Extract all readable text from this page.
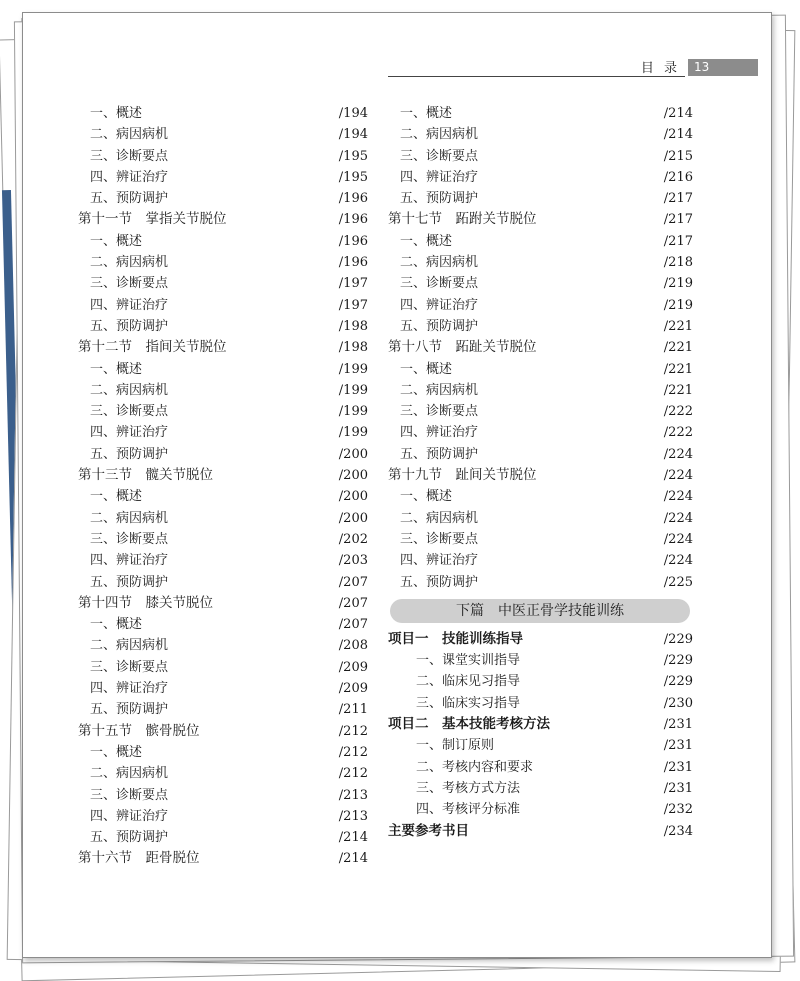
目 录	13
一、概述	/194
二、病因病机	/194
三、诊断要点	/195
四、辨证治疗	/195
五、预防调护	/196
第十一节　掌指关节脱位	/196
一、概述	/196
二、病因病机	/196
三、诊断要点	/197
四、辨证治疗	/197
五、预防调护	/198
第十二节　指间关节脱位	/198
一、概述	/199
二、病因病机	/199
三、诊断要点	/199
四、辨证治疗	/199
五、预防调护	/200
第十三节　髋关节脱位	/200
一、概述	/200
二、病因病机	/200
三、诊断要点	/202
四、辨证治疗	/203
五、预防调护	/207
第十四节　膝关节脱位	/207
一、概述	/207
二、病因病机	/208
三、诊断要点	/209
四、辨证治疗	/209
五、预防调护	/211
第十五节　髌骨脱位	/212
一、概述	/212
二、病因病机	/212
三、诊断要点	/213
四、辨证治疗	/213
五、预防调护	/214
第十六节　距骨脱位	/214
一、概述	/214
二、病因病机	/214
三、诊断要点	/215
四、辨证治疗	/216
五、预防调护	/217
第十七节　跖跗关节脱位	/217
一、概述	/217
二、病因病机	/218
三、诊断要点	/219
四、辨证治疗	/219
五、预防调护	/221
第十八节　跖趾关节脱位	/221
一、概述	/221
二、病因病机	/221
三、诊断要点	/222
四、辨证治疗	/222
五、预防调护	/224
第十九节　趾间关节脱位	/224
一、概述	/224
二、病因病机	/224
三、诊断要点	/224
四、辨证治疗	/224
五、预防调护	/225
下篇　中医正骨学技能训练
项目一　技能训练指导	/229
一、课堂实训指导	/229
二、临床见习指导	/229
三、临床实习指导	/230
项目二　基本技能考核方法	/231
一、制订原则	/231
二、考核内容和要求	/231
三、考核方式方法	/231
四、考核评分标准	/232
主要参考书目	/234
